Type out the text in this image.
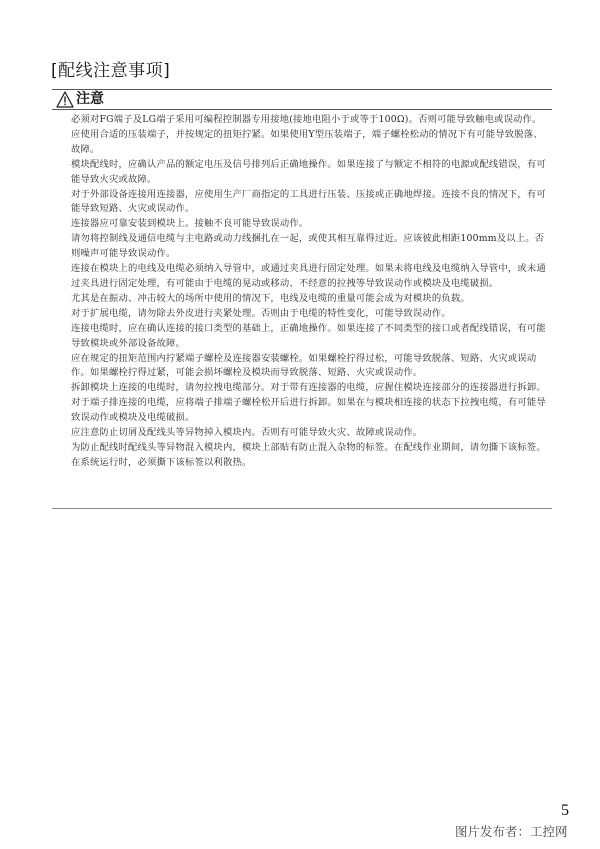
[配线注意事项]
注意

必须对FG端子及LG端子采用可编程控制器专用接地(接地电阻小于或等于100Ω)。否则可能导致触电或误动作。

应使用合适的压装端子，并按规定的扭矩拧紧。如果使用Y型压装端子，端子螺栓松动的情况下有可能导致脱落、故障。

模块配线时，应确认产品的额定电压及信号排列后正确地操作。如果连接了与额定不相符的电源或配线错误，有可能导致火灾或故障。

对于外部设备连接用连接器，应使用生产厂商指定的工具进行压装、压接或正确地焊接。连接不良的情况下，有可能导致短路、火灾或误动作。

连接器应可靠安装到模块上。接触不良可能导致误动作。

请勿将控制线及通信电缆与主电路或动力线捆扎在一起，或使其相互靠得过近。应该彼此相距100mm及以上。否则噪声可能导致误动作。

连接在模块上的电线及电缆必须纳入导管中，或通过夹具进行固定处理。如果未将电线及电缆纳入导管中，或未通过夹具进行固定处理，有可能由于电缆的晃动或移动、不经意的拉拽等导致误动作或模块及电缆破损。

尤其是在振动、冲击较大的场所中使用的情况下，电线及电缆的重量可能会成为对模块的负载。

对于扩展电缆，请勿除去外皮进行夹紧处理。否则由于电缆的特性变化，可能导致误动作。

连接电缆时，应在确认连接的接口类型的基础上，正确地操作。如果连接了不同类型的接口或者配线错误，有可能导致模块或外部设备故障。

应在规定的扭矩范围内拧紧端子螺栓及连接器安装螺栓。如果螺栓拧得过松，可能导致脱落、短路、火灾或误动作。如果螺栓拧得过紧，可能会损坏螺栓及模块而导致脱落、短路、火灾或误动作。

拆卸模块上连接的电缆时，请勿拉拽电缆部分。对于带有连接器的电缆，应握住模块连接部分的连接器进行拆卸。对于端子排连接的电缆，应将端子排端子螺栓松开后进行拆卸。如果在与模块相连接的状态下拉拽电缆，有可能导致误动作或模块及电缆破损。

应注意防止切屑及配线头等异物掉入模块内。否则有可能导致火灾、故障或误动作。

为防止配线时配线头等异物混入模块内，模块上部贴有防止混入杂物的标签。在配线作业期间，请勿撕下该标签。在系统运行时，必须撕下该标签以利散热。

5
图片发布者：工控网
